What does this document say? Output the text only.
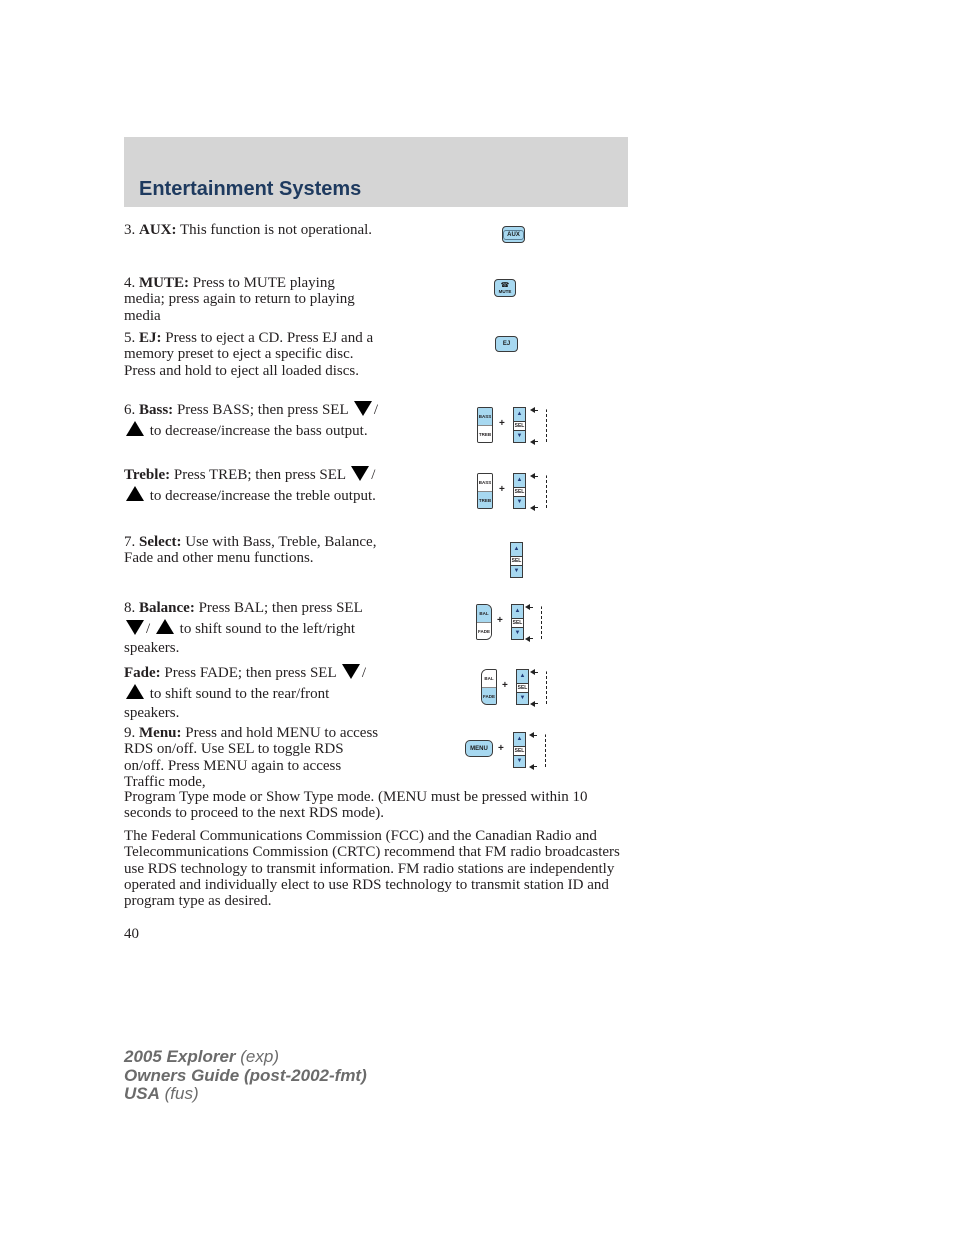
Entertainment Systems

3. AUX: This function is not operational.	AUX

4. MUTE: Press to MUTE playing media; press again to return to playing media

☎
MUTE

5. EJ: Press to eject a CD. Press EJ and a memory preset to eject a specific disc. Press and hold to eject all loaded discs.

EJ

6. Bass: Press BASS; then press SEL /  to decrease/increase the bass output.

BASS
TREB
+
▲
SEL
▼

Treble: Press TREB; then press SEL /  to decrease/increase the treble output.

BASS
TREB
+
▲
SEL
▼

7. Select: Use with Bass, Treble, Balance, Fade and other menu functions.

▲
SEL
▼

8. Balance: Press BAL; then press SEL / to shift sound to the left/right speakers.

BAL
FADE
+
▲
SEL
▼

Fade: Press FADE; then press SEL /  to shift sound to the rear/front speakers.

BAL
FADE
+
▲
SEL
▼

9. Menu: Press and hold MENU to access RDS on/off. Use SEL to toggle RDS on/off. Press MENU again to access Traffic mode,

Program Type mode or Show Type mode. (MENU must be pressed within 10 seconds to proceed to the next RDS mode).

MENU +
▲
SEL
▼

The Federal Communications Commission (FCC) and the Canadian Radio and Telecommunications Commission (CRTC) recommend that FM radio broadcasters use RDS technology to transmit information. FM radio stations are independently operated and individually elect to use RDS technology to transmit station ID and program type as desired.

40
2005 Explorer (exp)
Owners Guide (post-2002-fmt)
USA (fus)
